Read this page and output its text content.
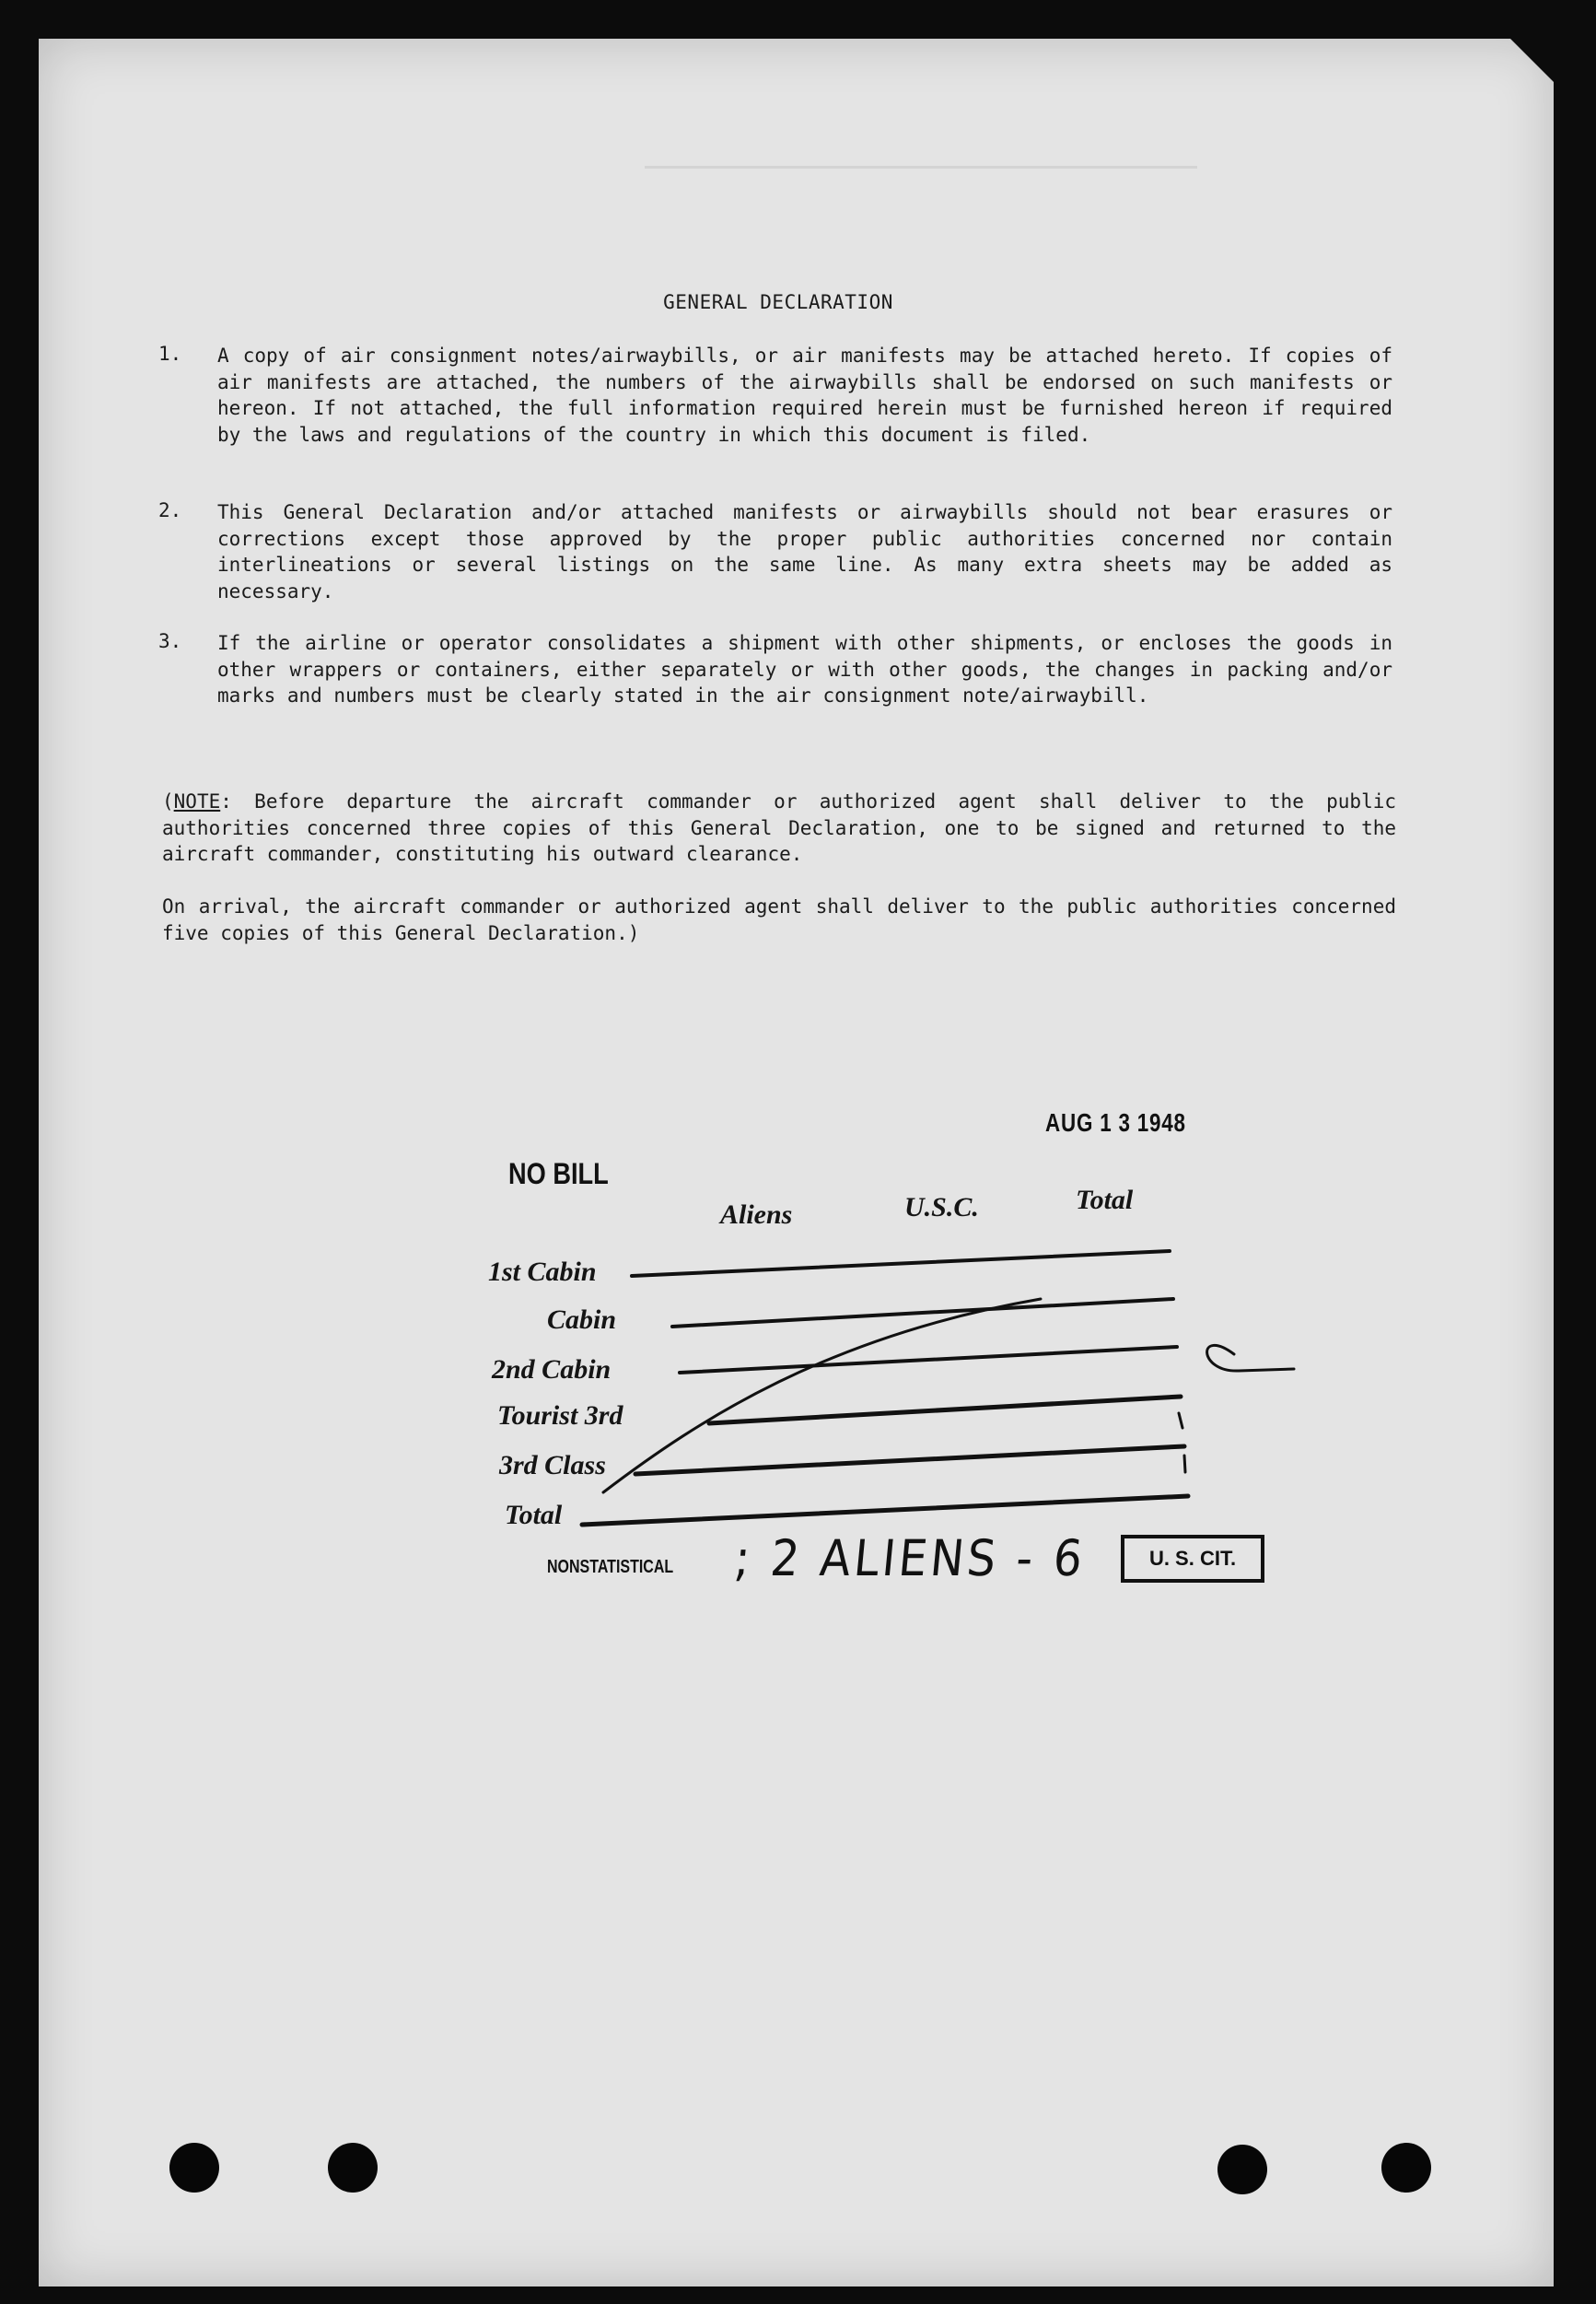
GENERAL DECLARATION
1. A copy of air consignment notes/airwaybills, or air manifests may be attached hereto. If copies of air manifests are attached, the numbers of the airwaybills shall be endorsed on such manifests or hereon. If not attached, the full information required herein must be furnished hereon if required by the laws and regulations of the country in which this document is filed.
2. This General Declaration and/or attached manifests or airwaybills should not bear erasures or corrections except those approved by the proper public authorities concerned nor contain interlineations or several listings on the same line. As many extra sheets may be added as necessary.
3. If the airline or operator consolidates a shipment with other shipments, or encloses the goods in other wrappers or containers, either separately or with other goods, the changes in packing and/or marks and numbers must be clearly stated in the air consignment note/airwaybill.
(NOTE: Before departure the aircraft commander or authorized agent shall deliver to the public authorities concerned three copies of this General Declaration, one to be signed and returned to the aircraft commander, constituting his outward clearance.
On arrival, the aircraft commander or authorized agent shall deliver to the public authorities concerned five copies of this General Declaration.)
AUG 1 3 1948
NO BILL
Aliens	U.S.C.	Total
1st Cabin
Cabin
2nd Cabin
Tourist 3rd
3rd Class
Total
NONSTATISTICAL ; 2 ALIENS - 6	U. S. CIT.
